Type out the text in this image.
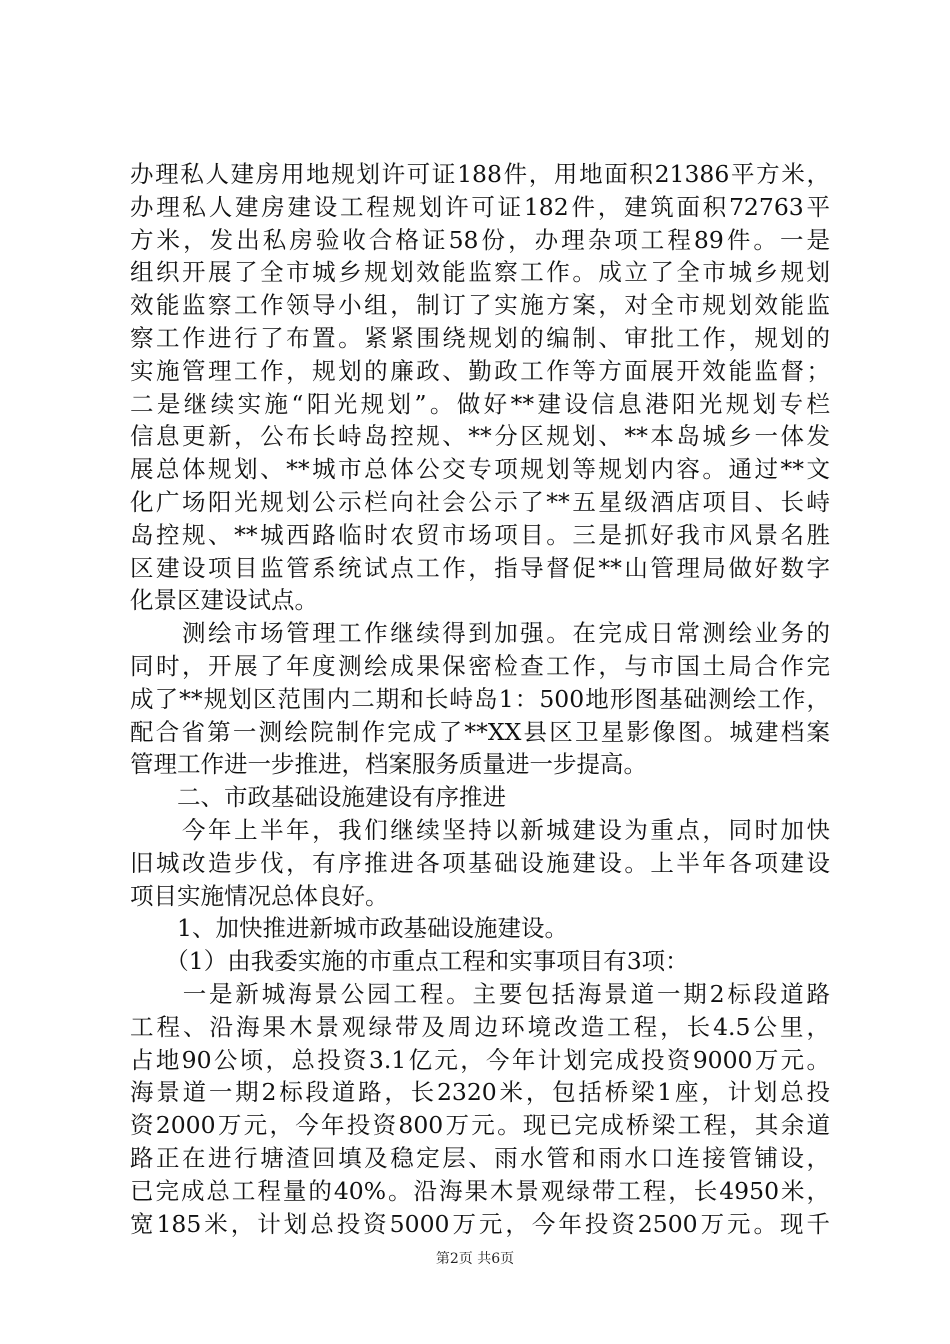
办理私人建房用地规划许可证188件，用地面积21386平方米，
办理私人建房建设工程规划许可证182件，建筑面积72763平
方米，发出私房验收合格证58份，办理杂项工程89件。一是
组织开展了全市城乡规划效能监察工作。成立了全市城乡规划
效能监察工作领导小组，制订了实施方案，对全市规划效能监
察工作进行了布置。紧紧围绕规划的编制、审批工作，规划的
实施管理工作，规划的廉政、勤政工作等方面展开效能监督；
二是继续实施“阳光规划”。做好**建设信息港阳光规划专栏
信息更新，公布长峙岛控规、**分区规划、**本岛城乡一体发
展总体规划、**城市总体公交专项规划等规划内容。通过**文
化广场阳光规划公示栏向社会公示了**五星级酒店项目、长峙
岛控规、**城西路临时农贸市场项目。三是抓好我市风景名胜
区建设项目监管系统试点工作，指导督促**山管理局做好数字
化景区建设试点。
　　测绘市场管理工作继续得到加强。在完成日常测绘业务的
同时，开展了年度测绘成果保密检查工作，与市国土局合作完
成了**规划区范围内二期和长峙岛1：500地形图基础测绘工作，
配合省第一测绘院制作完成了**XX县区卫星影像图。城建档案
管理工作进一步推进，档案服务质量进一步提高。
　　二、市政基础设施建设有序推进
　　今年上半年，我们继续坚持以新城建设为重点，同时加快
旧城改造步伐，有序推进各项基础设施建设。上半年各项建设
项目实施情况总体良好。
　　1、加快推进新城市政基础设施建设。
　　（1）由我委实施的市重点工程和实事项目有3项：
　　一是新城海景公园工程。主要包括海景道一期2标段道路
工程、沿海果木景观绿带及周边环境改造工程，长4.5公里，
占地90公顷，总投资3.1亿元，今年计划完成投资9000万元。
海景道一期2标段道路，长2320米，包括桥梁1座，计划总投
资2000万元，今年投资800万元。现已完成桥梁工程，其余道
路正在进行塘渣回填及稳定层、雨水管和雨水口连接管铺设，
已完成总工程量的40%。沿海果木景观绿带工程，长4950米，
宽185米，计划总投资5000万元，今年投资2500万元。现千
第2页 共6页
